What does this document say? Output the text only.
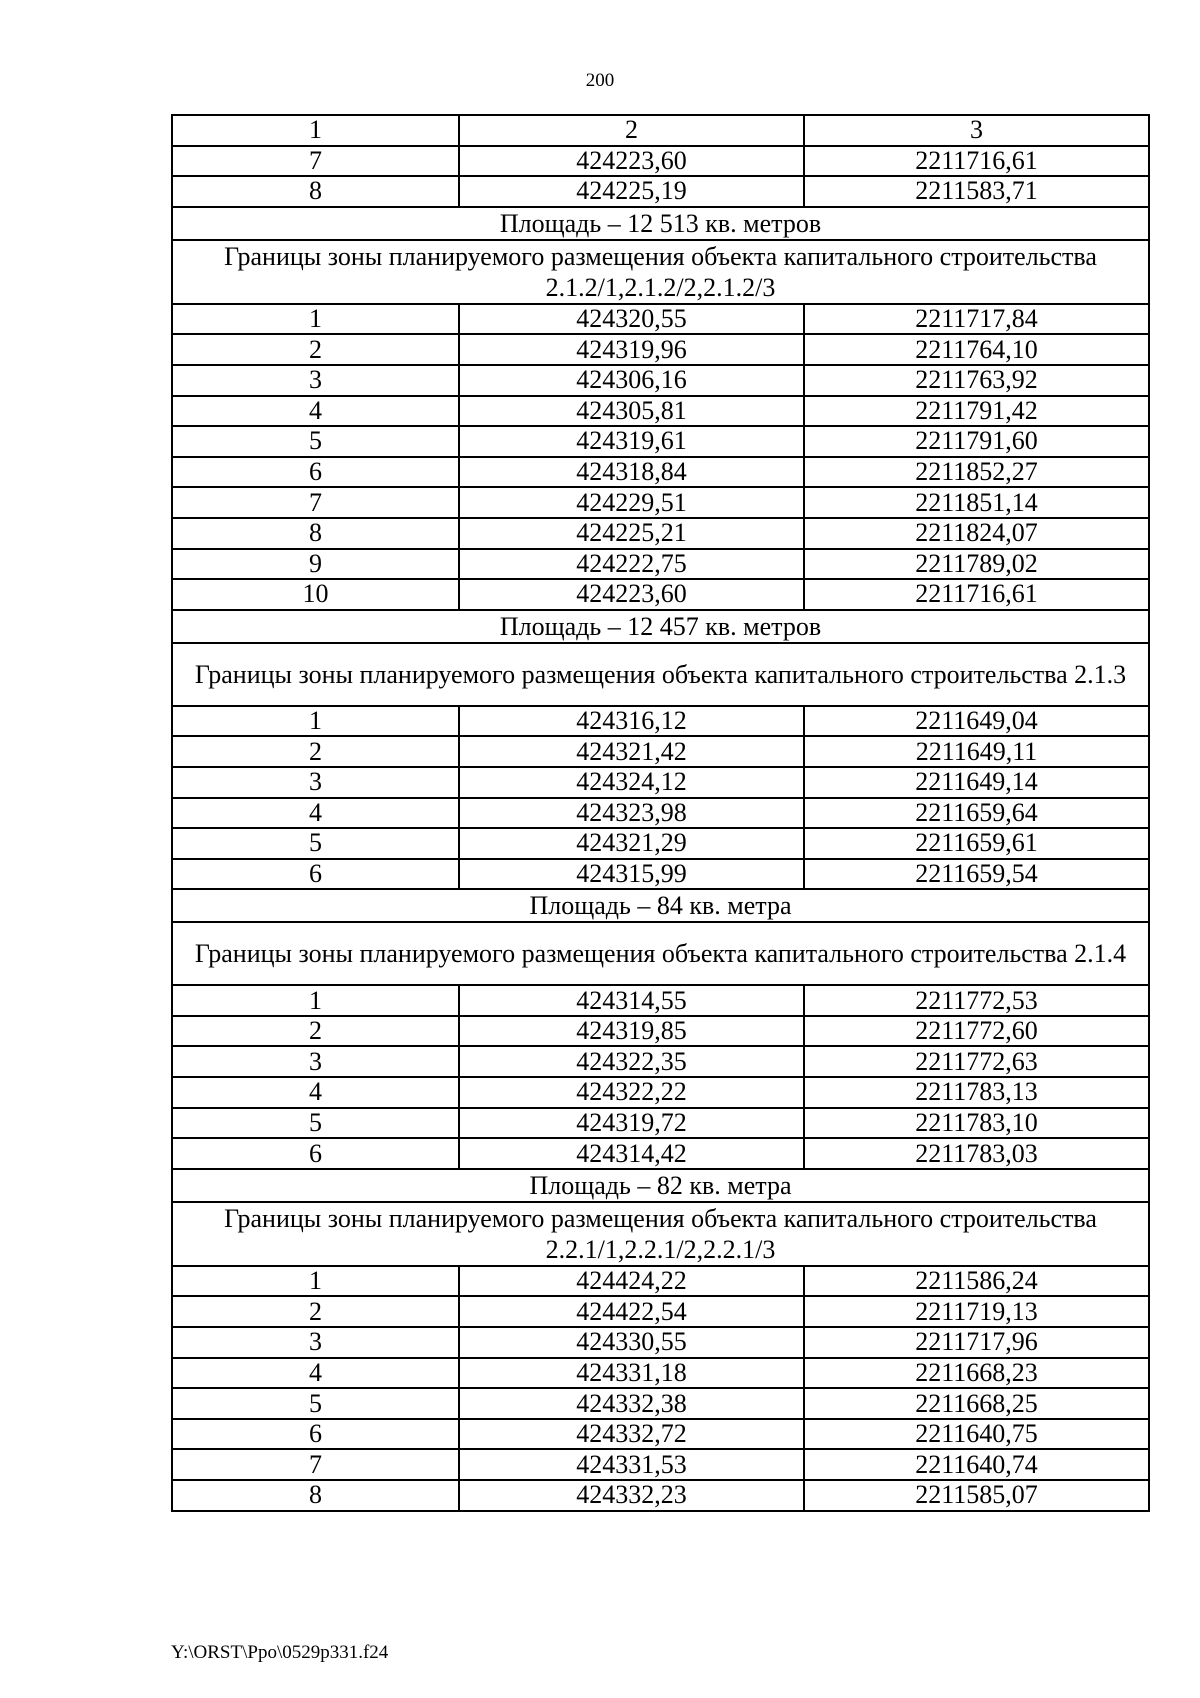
200
1	2	3
7	424223,60	2211716,61
8	424225,19	2211583,71
Площадь – 12 513 кв. метров		
Границы зоны планируемого размещения объекта капитального строительства 2.1.2/1,2.1.2/2,2.1.2/3		
1	424320,55	2211717,84
2	424319,96	2211764,10
3	424306,16	2211763,92
4	424305,81	2211791,42
5	424319,61	2211791,60
6	424318,84	2211852,27
7	424229,51	2211851,14
8	424225,21	2211824,07
9	424222,75	2211789,02
10	424223,60	2211716,61
Площадь – 12 457 кв. метров		
Границы зоны планируемого размещения объекта капитального строительства 2.1.3		
1	424316,12	2211649,04
2	424321,42	2211649,11
3	424324,12	2211649,14
4	424323,98	2211659,64
5	424321,29	2211659,61
6	424315,99	2211659,54
Площадь – 84 кв. метра		
Границы зоны планируемого размещения объекта капитального строительства 2.1.4		
1	424314,55	2211772,53
2	424319,85	2211772,60
3	424322,35	2211772,63
4	424322,22	2211783,13
5	424319,72	2211783,10
6	424314,42	2211783,03
Площадь – 82 кв. метра		
Границы зоны планируемого размещения объекта капитального строительства 2.2.1/1,2.2.1/2,2.2.1/3		
1	424424,22	2211586,24
2	424422,54	2211719,13
3	424330,55	2211717,96
4	424331,18	2211668,23
5	424332,38	2211668,25
6	424332,72	2211640,75
7	424331,53	2211640,74
8	424332,23	2211585,07
Y:\ORST\Ppo\0529p331.f24
